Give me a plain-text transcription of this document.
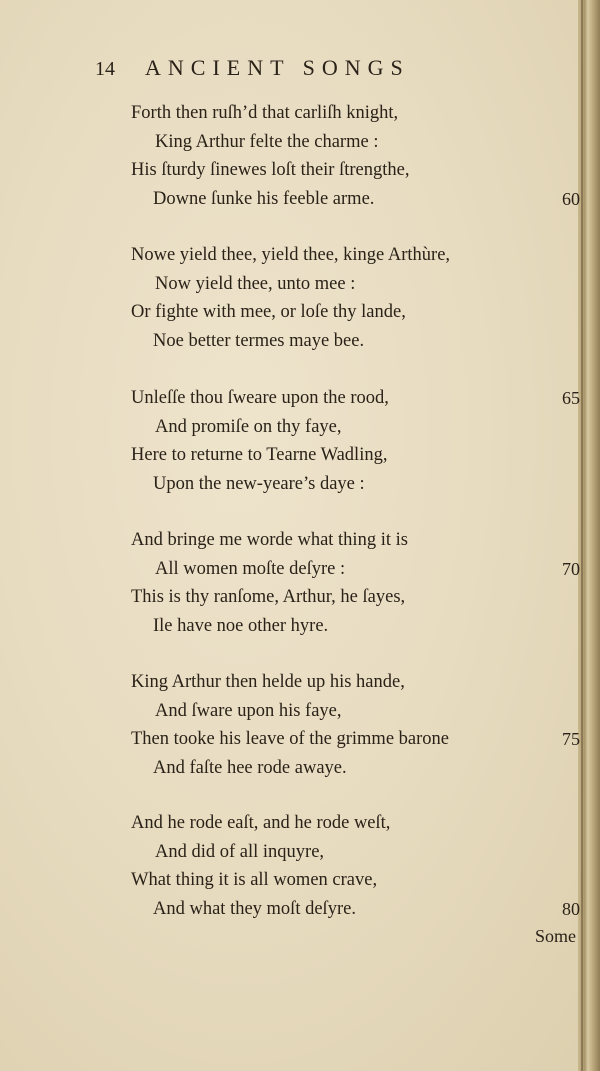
14 ANCIENT SONGS
Forth then ruſh’d that carliſh knight,
King Arthur felte the charme :
His ſturdy ſinewes loſt their ſtrengthe,
Downe ſunke his feeble arme.	60
Nowe yield thee, yield thee, kinge Arthùre,
Now yield thee, unto mee :
Or fighte with mee, or loſe thy lande,
Noe better termes maye bee.
Unleſſe thou ſweare upon the rood,
And promiſe on thy faye,
Here to returne to Tearne Wadling,
Upon the new-yeare’s daye :
65
And bringe me worde what thing it is
All women moſte deſyre :
This is thy ranſome, Arthur, he ſayes,
Ile have noe other hyre.
70
King Arthur then helde up his hande,
And ſware upon his faye,
Then tooke his leave of the grimme barone
And faſte hee rode awaye.
75
And he rode eaſt, and he rode weſt,
And did of all inquyre,
What thing it is all women crave,
And what they moſt deſyre.	80
Some
